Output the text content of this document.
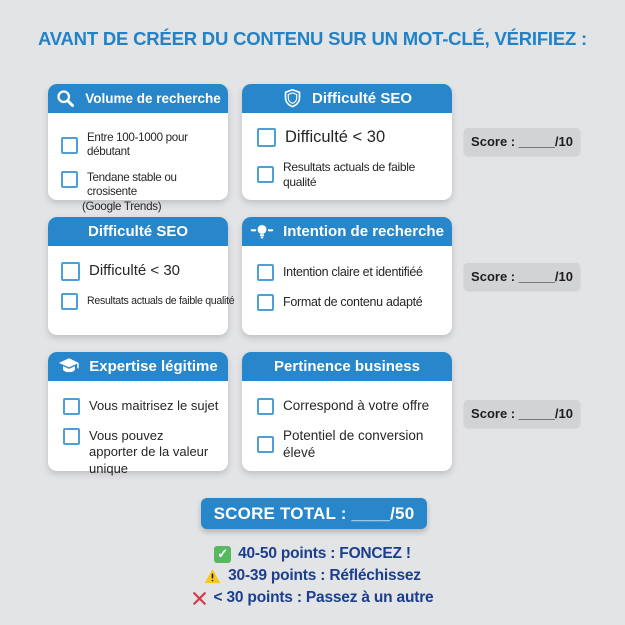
AVANT DE CRÉER DU CONTENU SUR UN MOT-CLÉ, VÉRIFIEZ :
Volume de recherche
Entre 100-1000 pour débutant
Tendane stable ou crosisente
(Google Trends)
Difficulté SEO
Difficulté < 30
Resultats actuals de faible qualité
Score : _____/10
Difficulté SEO
Difficulté < 30
Resultats actuals de faible qualité
Intention de recherche
Intention claire et identifiéé
Format de contenu adapté
Score : _____/10
Expertise légitime
Vous maitrisez le sujet
Vous pouvez apporter de la valeur unique
Pertinence business
Correspond à votre offre
Potentiel de conversion élevé
Score : _____/10
SCORE TOTAL : ____/50
✓
40-50 points : FONCEZ !
30-39 points : Réfléchissez
< 30 points : Passez à un autre
